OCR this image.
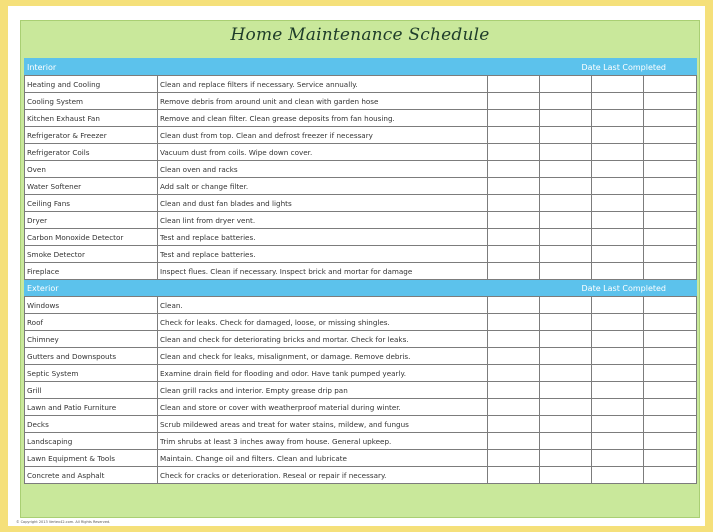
Home Maintenance Schedule
Interior		Date Last Completed			
Heating and Cooling	Clean and replace filters if necessary. Service annually.				
Cooling System	Remove debris from around unit and clean with garden hose				
Kitchen Exhaust Fan	Remove and clean filter. Clean grease deposits from fan housing.				
Refrigerator & Freezer	Clean dust from top. Clean and defrost freezer if necessary				
Refrigerator Coils	Vacuum dust from coils. Wipe down cover.				
Oven	Clean oven and racks				
Water Softener	Add salt or change filter.				
Ceiling Fans	Clean and dust fan blades and lights				
Dryer	Clean lint from dryer vent.				
Carbon Monoxide Detector	Test and replace batteries.				
Smoke Detector	Test and replace batteries.				
Fireplace	Inspect flues. Clean if necessary. Inspect brick and mortar for damage				
Exterior		Date Last Completed			
Windows	Clean.				
Roof	Check for leaks. Check for damaged, loose, or missing shingles.				
Chimney	Clean and check for deteriorating bricks and mortar. Check for leaks.				
Gutters and Downspouts	Clean and check for leaks, misalignment, or damage. Remove debris.				
Septic System	Examine drain field for flooding and odor. Have tank pumped yearly.				
Grill	Clean grill racks and interior. Empty grease drip pan				
Lawn and Patio Furniture	Clean and store or cover with weatherproof material during winter.				
Decks	Scrub mildewed areas and treat for water stains, mildew, and fungus				
Landscaping	Trim shrubs at least 3 inches away from house. General upkeep.				
Lawn Equipment & Tools	Maintain. Change oil and filters. Clean and lubricate				
Concrete and Asphalt	Check for cracks or deterioration. Reseal or repair if necessary.				
© Copyright 2013 Vertex42.com. All Rights Reserved.
